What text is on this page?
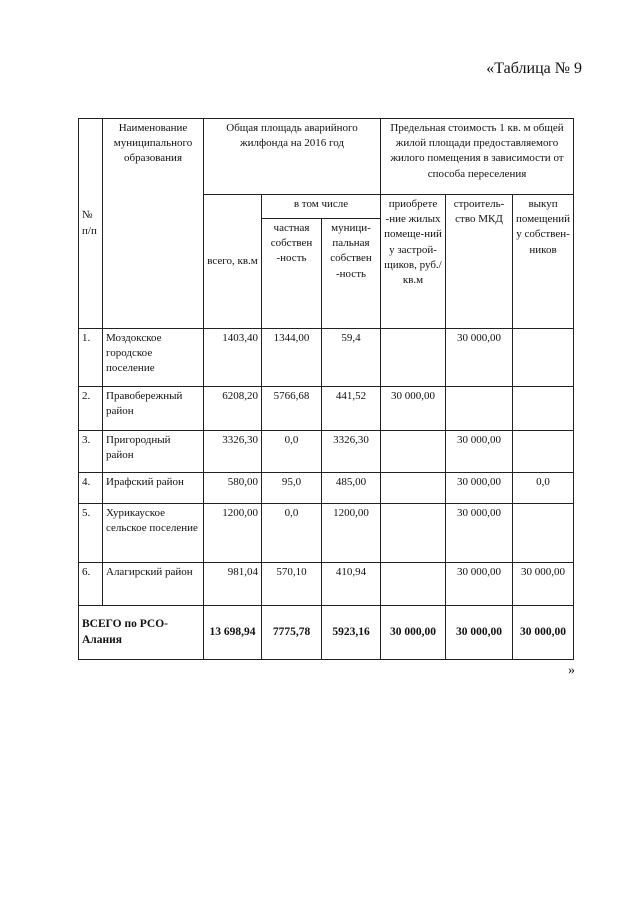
«Таблица № 9
№ п/п	Наименование муниципального образования	Общая площадь аварийного жилфонда на 2016 год			Предельная стоимость 1 кв. м общей жилой площади предоставляемого жилого помещения в зависимости от способа переселения		
		всего, кв.м	в том числе		приобрете -ние жилых помеще-ний у застрой-щиков, руб./кв.м	строитель-ство МКД	выкуп помещений у собствен-ников
			частная собствен -ность	муници-пальная собствен -ность			
1.	Моздокское городское поселение	1403,40	1344,00	59,4		30 000,00	
2.	Правобережный район	6208,20	5766,68	441,52	30 000,00		
3.	Пригородный район	3326,30	0,0	3326,30		30 000,00	
4.	Ирафский район	580,00	95,0	485,00		30 000,00	0,0
5.	Хурикауское сельское поселение	1200,00	0,0	1200,00		30 000,00	
6.	Алагирский район	981,04	570,10	410,94		30 000,00	30 000,00
ВСЕГО по РСО-Алания		13 698,94	7775,78	5923,16	30 000,00	30 000,00	30 000,00
»
